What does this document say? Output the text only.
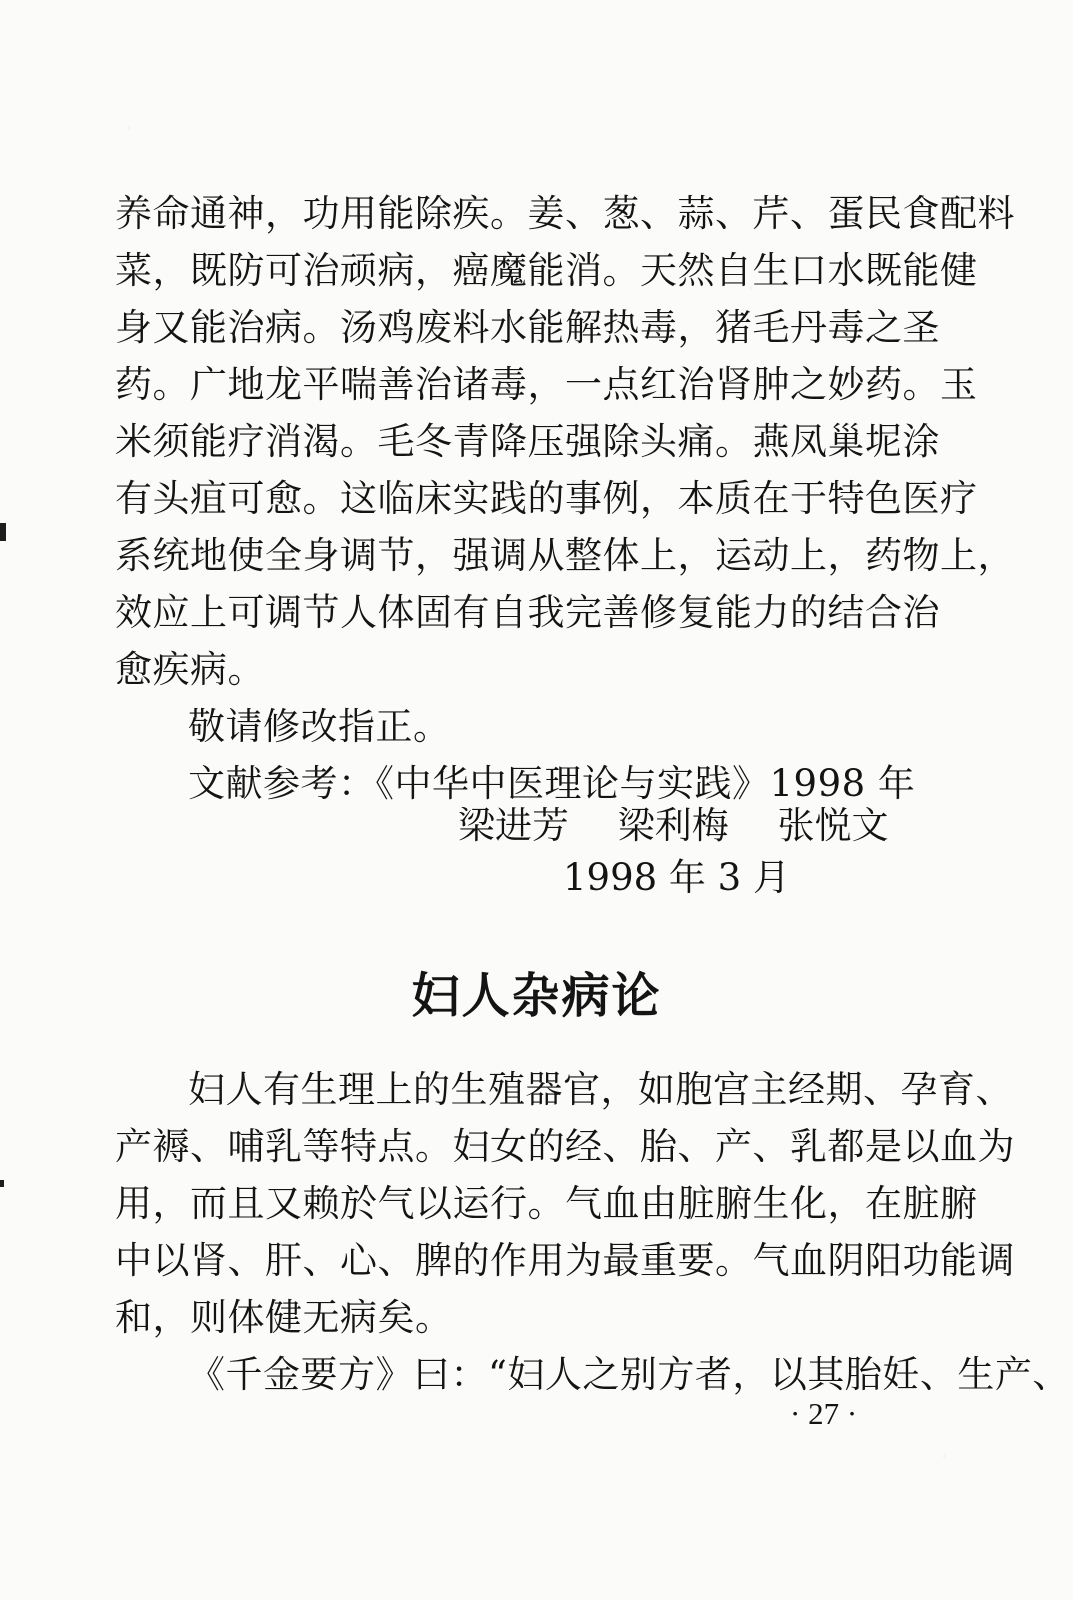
养命通神，功用能除疾。姜、葱、蒜、芹、蛋民食配料
菜，既防可治顽病，癌魔能消。天然自生口水既能健
身又能治病。汤鸡废料水能解热毒，猪毛丹毒之圣
药。广地龙平喘善治诸毒，一点红治肾肿之妙药。玉
米须能疗消渴。毛冬青降压强除头痛。燕凤巢坭涂
有头疽可愈。这临床实践的事例，本质在于特色医疗
系统地使全身调节，强调从整体上，运动上，药物上，
效应上可调节人体固有自我完善修复能力的结合治
愈疾病。
敬请修改指正。
文献参考：《中华中医理论与实践》1998 年
梁进芳　 梁利梅　 张悦文
1998 年 3 月
妇人杂病论
妇人有生理上的生殖器官，如胞宫主经期、孕育、
产褥、哺乳等特点。妇女的经、胎、产、乳都是以血为
用，而且又赖於气以运行。气血由脏腑生化，在脏腑
中以肾、肝、心、脾的作用为最重要。气血阴阳功能调
和，则体健无病矣。
《千金要方》曰：“妇人之别方者，以其胎妊、生产、
· 27 ·
